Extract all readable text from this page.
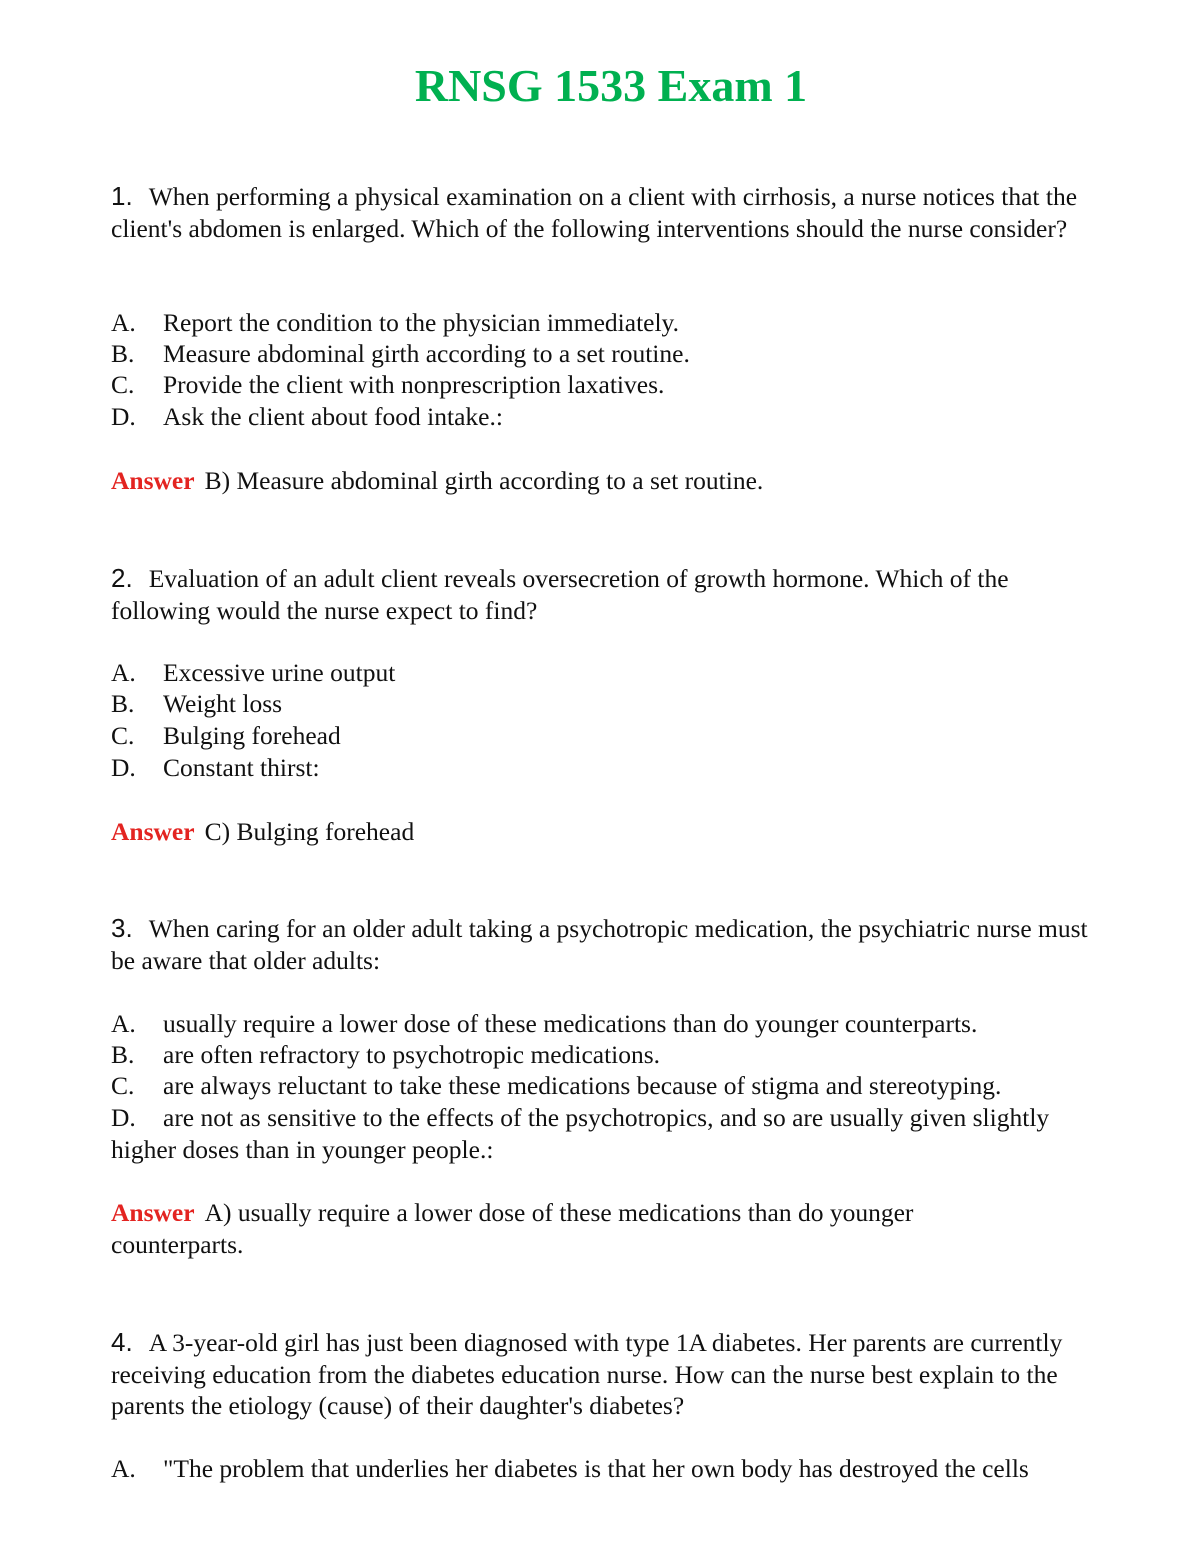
RNSG 1533 Exam 1
1. When performing a physical examination on a client with cirrhosis, a nurse notices that the client's abdomen is enlarged. Which of the following interventions should the nurse consider?
A. Report the condition to the physician immediately.
B. Measure abdominal girth according to a set routine.
C. Provide the client with nonprescription laxatives.
D. Ask the client about food intake.:
Answer B) Measure abdominal girth according to a set routine.
2. Evaluation of an adult client reveals oversecretion of growth hormone. Which of the following would the nurse expect to find?
A. Excessive urine output
B. Weight loss
C. Bulging forehead
D. Constant thirst:
Answer C) Bulging forehead
3. When caring for an older adult taking a psychotropic medication, the psychiatric nurse must be aware that older adults:
A. usually require a lower dose of these medications than do younger counterparts.
B. are often refractory to psychotropic medications.
C. are always reluctant to take these medications because of stigma and stereotyping.
D. are not as sensitive to the effects of the psychotropics, and so are usually given slightly higher doses than in younger people.:
Answer A) usually require a lower dose of these medications than do younger counterparts.
4. A 3-year-old girl has just been diagnosed with type 1A diabetes. Her parents are currently receiving education from the diabetes education nurse. How can the nurse best explain to the parents the etiology (cause) of their daughter's diabetes?
A. "The problem that underlies her diabetes is that her own body has destroyed the cells
